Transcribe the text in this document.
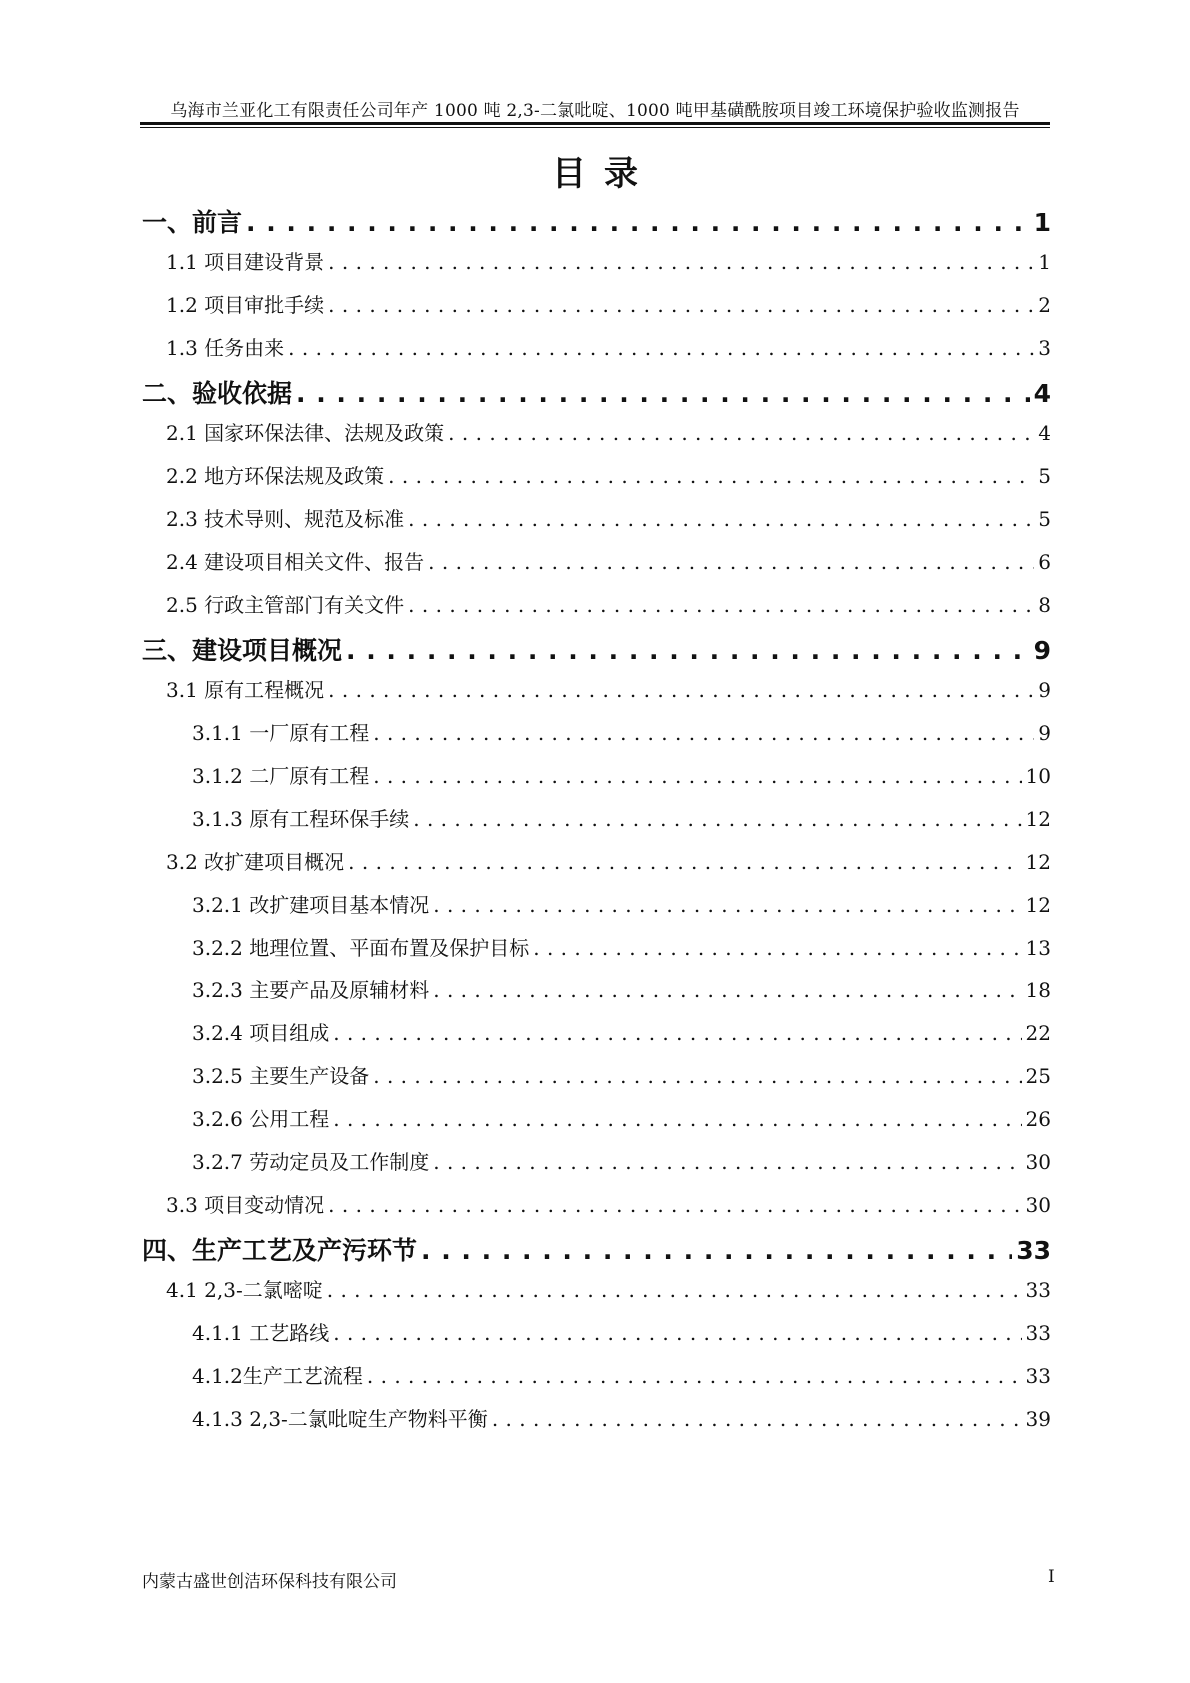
乌海市兰亚化工有限责任公司年产 1000 吨 2,3-二氯吡啶、1000 吨甲基磺酰胺项目竣工环境保护验收监测报告
目录
一、前言 . . .	1
1.1 项目建设背景 . . .	1
1.2 项目审批手续 . . .	2
1.3 任务由来 . . .	3
二、验收依据 . . .	4
2.1 国家环保法律、法规及政策 . . .	4
2.2 地方环保法规及政策 . . .	5
2.3 技术导则、规范及标准 . . .	5
2.4 建设项目相关文件、报告 . . .	6
2.5 行政主管部门有关文件 . . .	8
三、建设项目概况 . . .	9
3.1 原有工程概况 . . .	9
3.1.1 一厂原有工程 . . .	9
3.1.2 二厂原有工程 . . .	10
3.1.3 原有工程环保手续 . . .	12
3.2 改扩建项目概况 . . .	12
3.2.1 改扩建项目基本情况 . . .	12
3.2.2 地理位置、平面布置及保护目标 . . .	13
3.2.3 主要产品及原辅材料 . . .	18
3.2.4 项目组成 . . .	22
3.2.5 主要生产设备 . . .	25
3.2.6 公用工程 . . .	26
3.2.7 劳动定员及工作制度 . . .	30
3.3 项目变动情况 . . .	30
四、生产工艺及产污环节 . . .	33
4.1 2,3-二氯嘧啶 . . .	33
4.1.1 工艺路线 . . .	33
4.1.2生产工艺流程 . . .	33
4.1.3 2,3-二氯吡啶生产物料平衡 . . .	39
内蒙古盛世创洁环保科技有限公司	I
